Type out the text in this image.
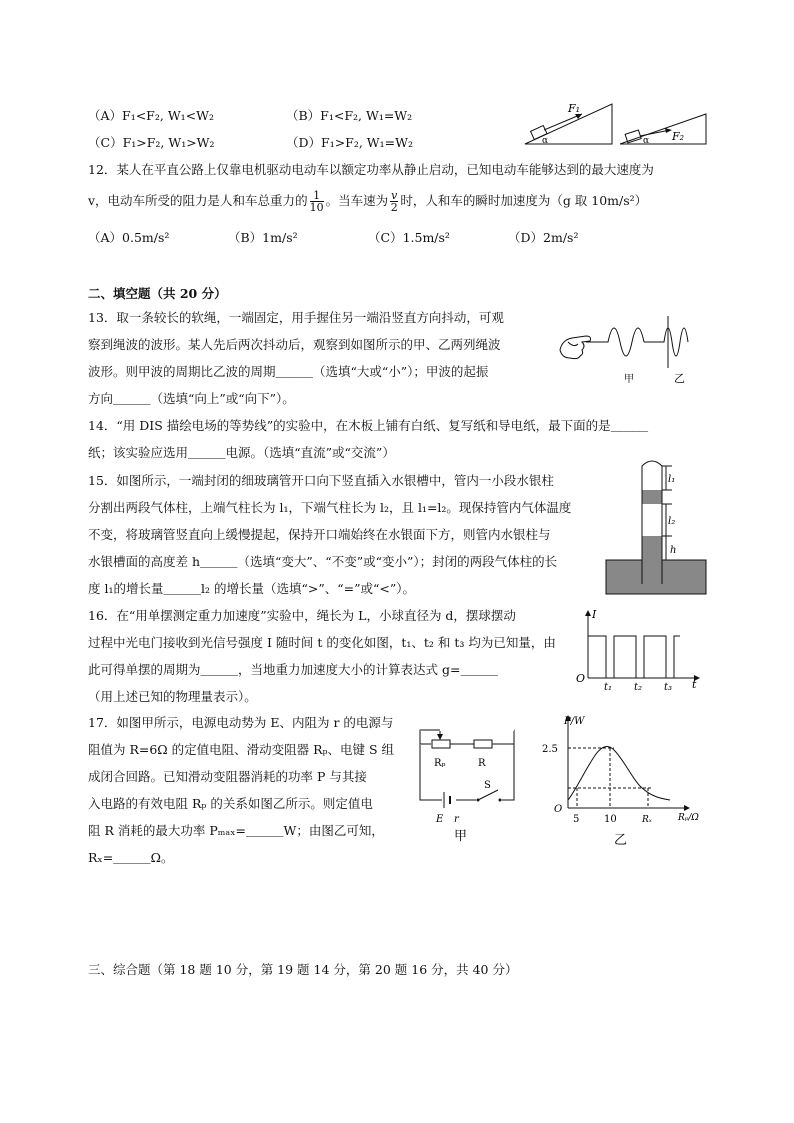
（A）F₁<F₂, W₁<W₂	（B）F₁<F₂, W₁=W₂
（C）F₁>F₂, W₁>W₂	（D）F₁>F₂, W₁=W₂
F₁
α	F₂
α
12．某人在平直公路上仅靠电机驱动电动车以额定功率从静止启动，已知电动车能够达到的最大速度为
v，电动车所受的阻力是人和车总重力的 $\frac{1}{10}$ 。当车速为 $\frac{v}{2}$ 时，人和车的瞬时加速度为（g 取 10m/s²）
（A）0.5m/s²	（B）1m/s²	（C）1.5m/s²	（D）2m/s²
二、填空题（共 20 分）
13．取一条较长的软绳，一端固定，用手握住另一端沿竖直方向抖动，可观
察到绳波的波形。某人先后两次抖动后，观察到如图所示的甲、乙两列绳波
波形。则甲波的周期比乙波的周期＿＿＿（选填“大或“小”）；甲波的起振
方向＿＿＿（选填“向上”或“向下”）。
甲	乙
14．“用 DIS 描绘电场的等势线”的实验中，在木板上铺有白纸、复写纸和导电纸，最下面的是＿＿＿
纸；该实验应选用＿＿＿电源。（选填“直流”或“交流”）
15．如图所示，一端封闭的细玻璃管开口向下竖直插入水银槽中，管内一小段水银柱
分割出两段气体柱，上端气柱长为 l₁，下端气柱长为 l₂，且 l₁=l₂。现保持管内气体温度
不变，将玻璃管竖直向上缓慢提起，保持开口端始终在水银面下方，则管内水银柱与
水银槽面的高度差 h＿＿＿（选填“变大”、“不变”或“变小”）；封闭的两段气体柱的长
度 l₁的增长量＿＿＿l₂ 的增长量（选填“>”、“=”或“<”）。
l₁
l₂
h
16．在“用单摆测定重力加速度”实验中，绳长为 L，小球直径为 d，摆球摆动
过程中光电门接收到光信号强度 I 随时间 t 的变化如图，t₁、t₂ 和 t₃ 均为已知量，由
此可得单摆的周期为＿＿＿，当地重力加速度大小的计算表达式 g=＿＿＿
（用上述已知的物理量表示）。
I
t
O
t₁ t₂ t₃
17．如图甲所示，电源电动势为 E、内阻为 r 的电源与
阻值为 R=6Ω 的定值电阻、滑动变阻器 Rₚ、电键 S 组
成闭合回路。已知滑动变阻器消耗的功率 P 与其接
入电路的有效电阻 Rₚ 的关系如图乙所示。则定值电
阻 R 消耗的最大功率 Pₘₐₓ=＿＿＿W；由图乙可知，
Rₓ=＿＿＿Ω。
Rₚ	R
S
E r
甲
P/W
2.5
O
5 10	Rₓ	Rₚ/Ω
乙
三、综合题（第 18 题 10 分，第 19 题 14 分，第 20 题 16 分，共 40 分）
